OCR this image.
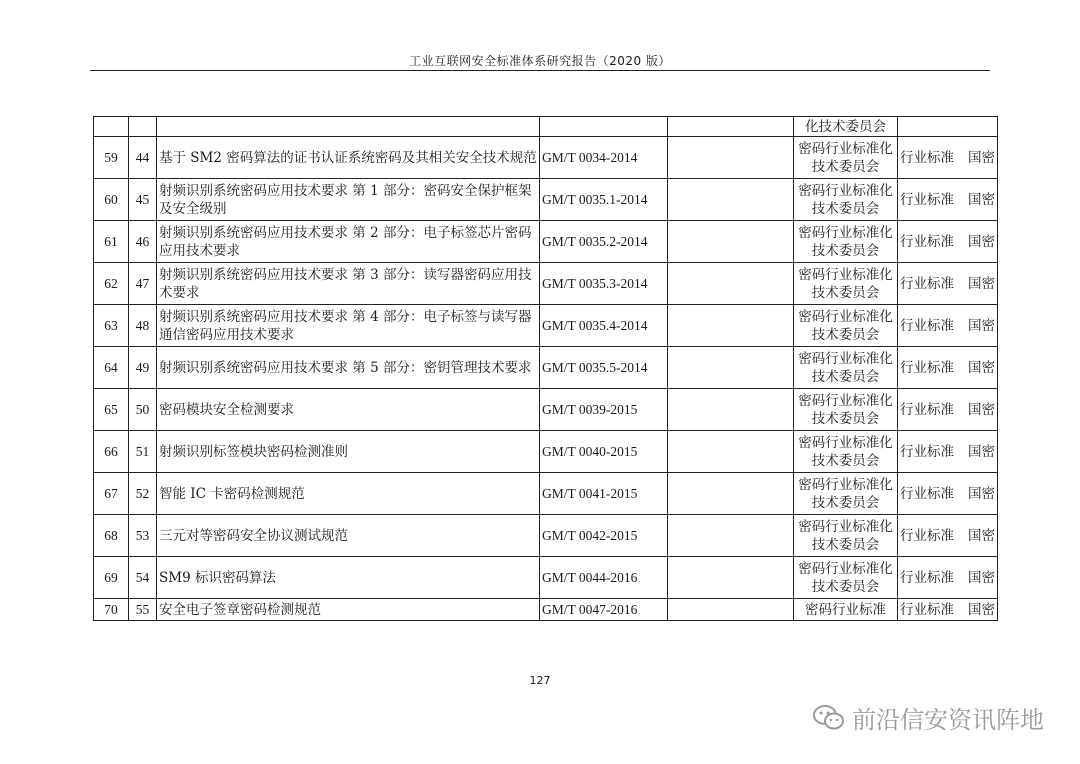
工业互联网安全标准体系研究报告（2020 版）
					化技术委员会	
59	44	基于 SM2 密码算法的证书认证系统密码及其相关安全技术规范	GM/T 0034-2014		密码行业标准化技术委员会	行业标准 国密
60	45	射频识别系统密码应用技术要求 第 1 部分：密码安全保护框架及安全级别	GM/T 0035.1-2014		密码行业标准化技术委员会	行业标准 国密
61	46	射频识别系统密码应用技术要求 第 2 部分：电子标签芯片密码应用技术要求	GM/T 0035.2-2014		密码行业标准化技术委员会	行业标准 国密
62	47	射频识别系统密码应用技术要求 第 3 部分：读写器密码应用技术要求	GM/T 0035.3-2014		密码行业标准化技术委员会	行业标准 国密
63	48	射频识别系统密码应用技术要求 第 4 部分：电子标签与读写器通信密码应用技术要求	GM/T 0035.4-2014		密码行业标准化技术委员会	行业标准 国密
64	49	射频识别系统密码应用技术要求 第 5 部分：密钥管理技术要求	GM/T 0035.5-2014		密码行业标准化技术委员会	行业标准 国密
65	50	密码模块安全检测要求	GM/T 0039-2015		密码行业标准化技术委员会	行业标准 国密
66	51	射频识别标签模块密码检测准则	GM/T 0040-2015		密码行业标准化技术委员会	行业标准 国密
67	52	智能 IC 卡密码检测规范	GM/T 0041-2015		密码行业标准化技术委员会	行业标准 国密
68	53	三元对等密码安全协议测试规范	GM/T 0042-2015		密码行业标准化技术委员会	行业标准 国密
69	54	SM9 标识密码算法	GM/T 0044-2016		密码行业标准化技术委员会	行业标准 国密
70	55	安全电子签章密码检测规范	GM/T 0047-2016		密码行业标准	行业标准 国密
127
前沿信安资讯阵地
